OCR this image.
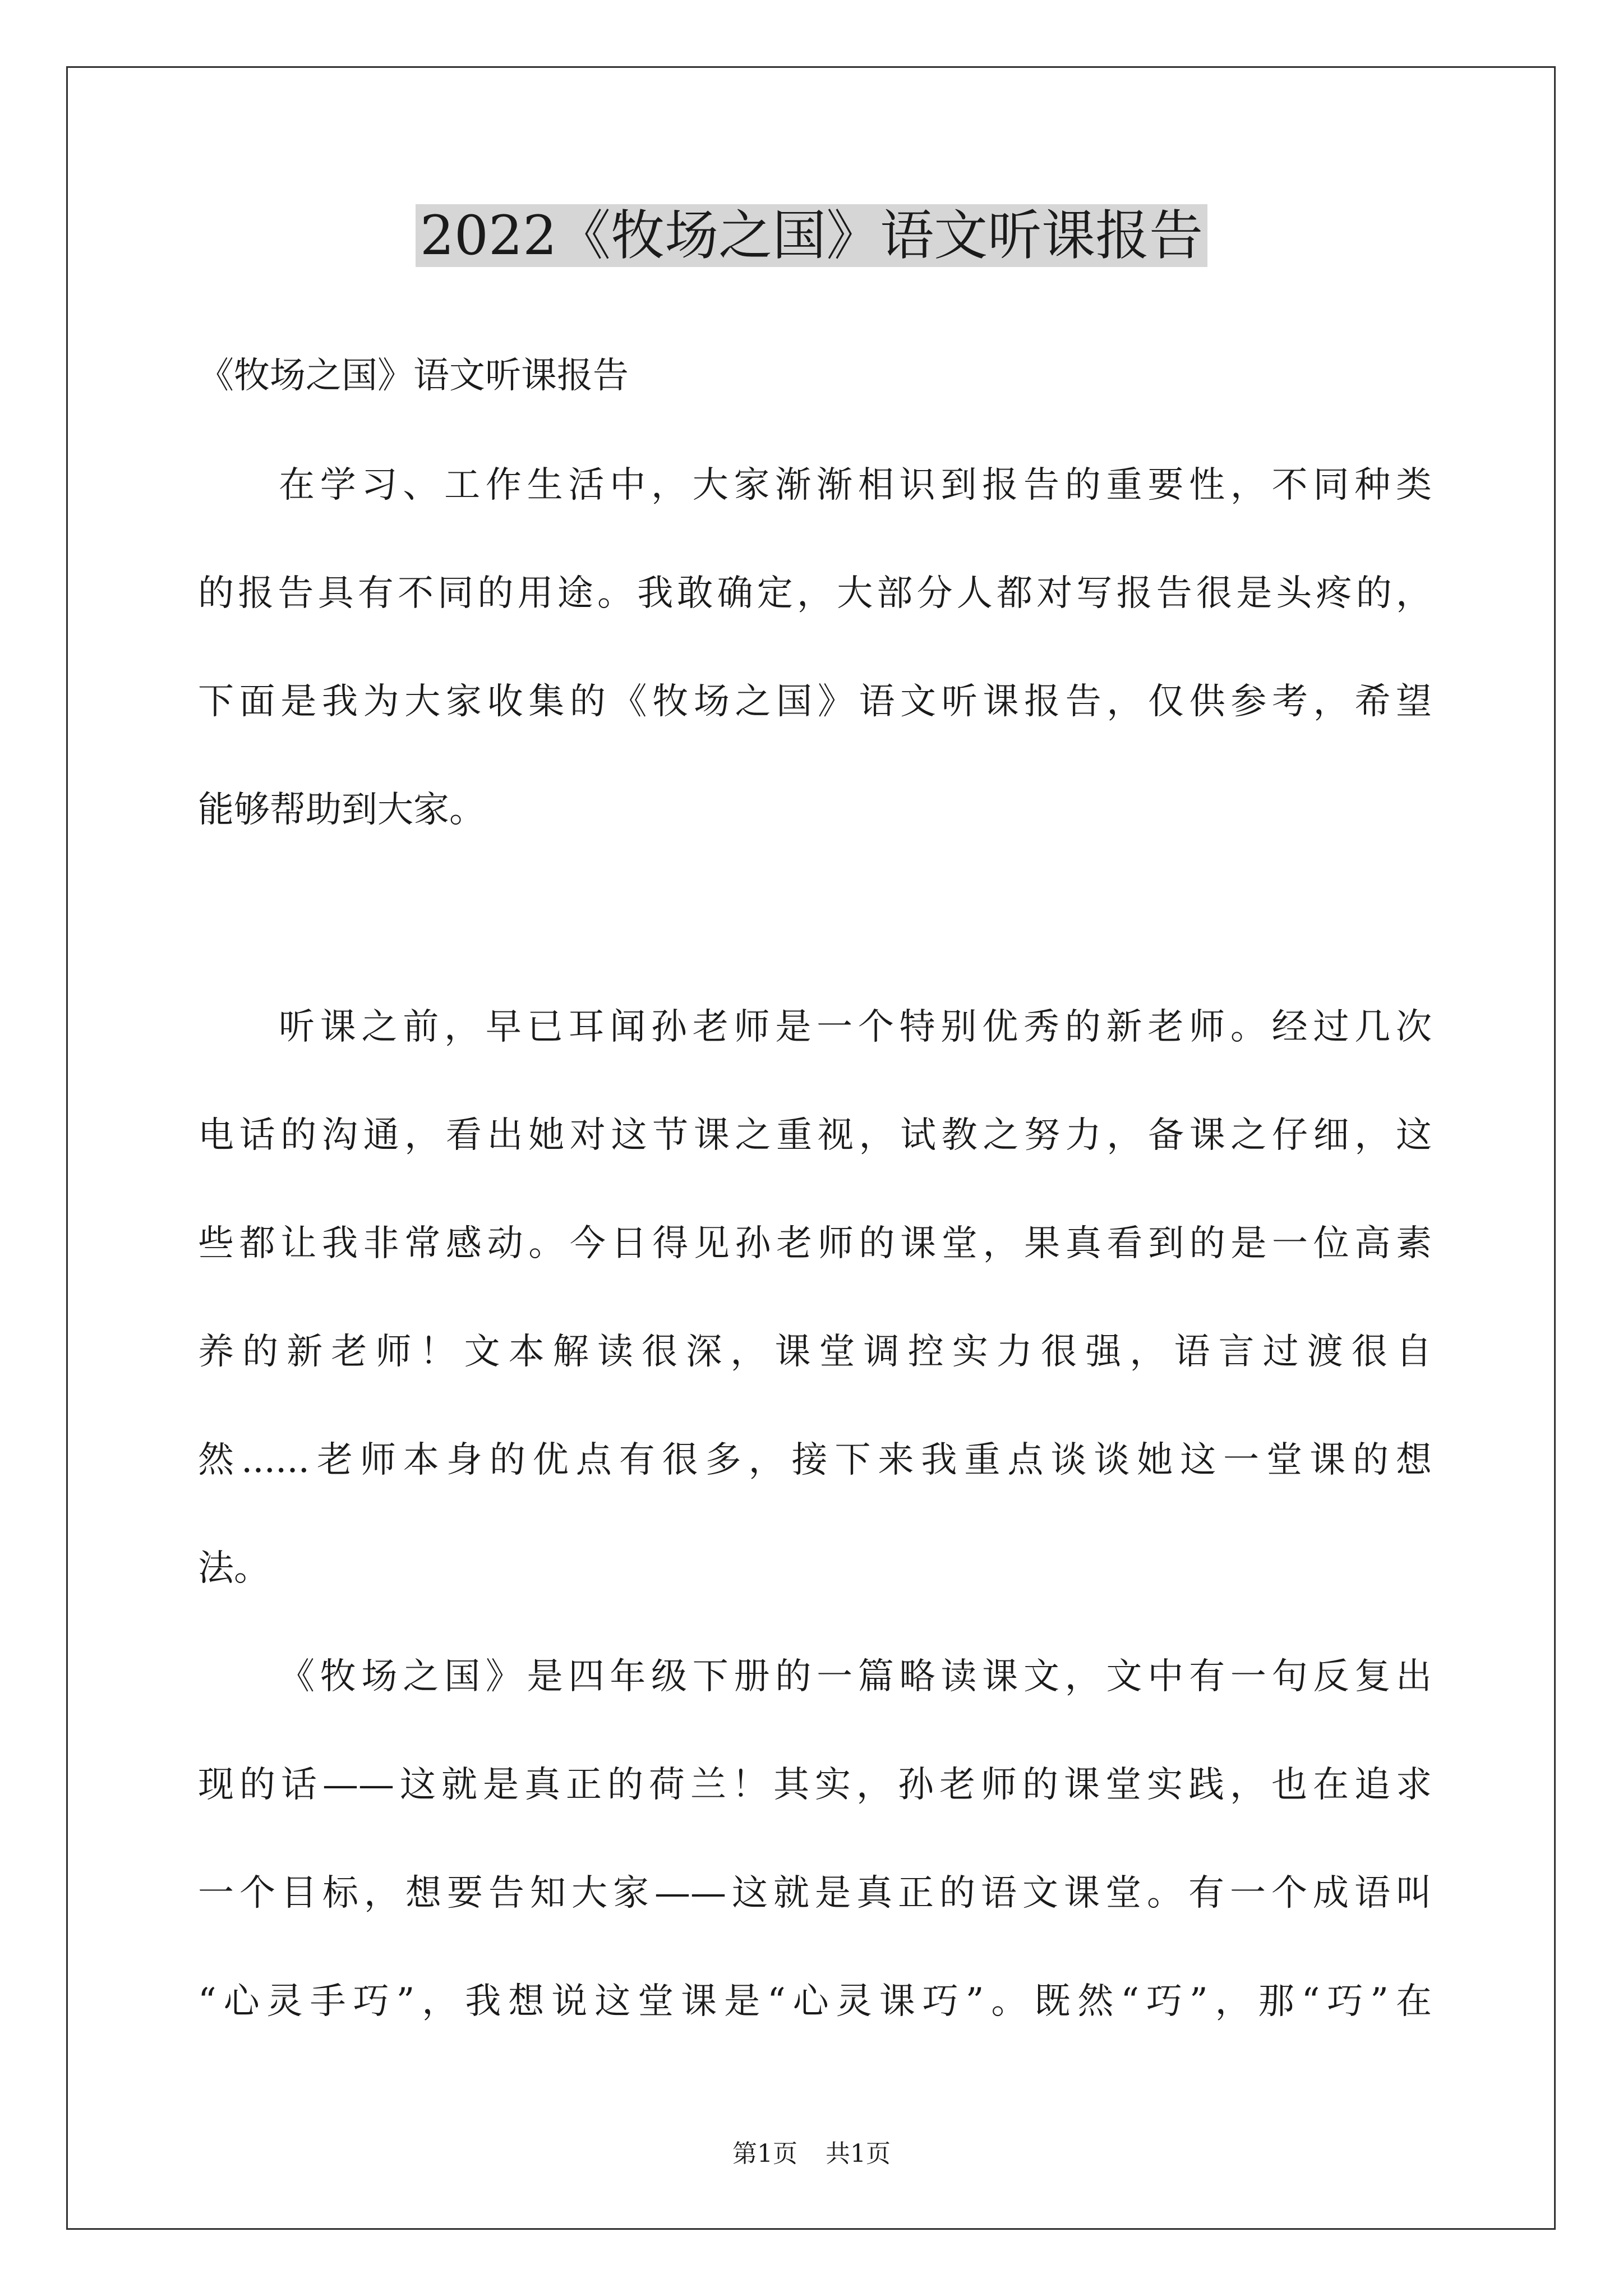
2022《牧场之国》语文听课报告
《牧场之国》语文听课报告
在学习、工作生活中，大家渐渐相识到报告的重要性，不同种类
的报告具有不同的用途。我敢确定，大部分人都对写报告很是头疼的，
下面是我为大家收集的《牧场之国》语文听课报告，仅供参考，希望
能够帮助到大家。
听课之前，早已耳闻孙老师是一个特别优秀的新老师。经过几次
电话的沟通，看出她对这节课之重视，试教之努力，备课之仔细，这
些都让我非常感动。今日得见孙老师的课堂，果真看到的是一位高素
养的新老师！文本解读很深，课堂调控实力很强，语言过渡很自
然......老师本身的优点有很多，接下来我重点谈谈她这一堂课的想
法。
《牧场之国》是四年级下册的一篇略读课文，文中有一句反复出
现的话——这就是真正的荷兰！其实，孙老师的课堂实践，也在追求
一个目标，想要告知大家——这就是真正的语文课堂。有一个成语叫
“心灵手巧”，我想说这堂课是“心灵课巧”。既然“巧”，那“巧”在
第1页 共1页
